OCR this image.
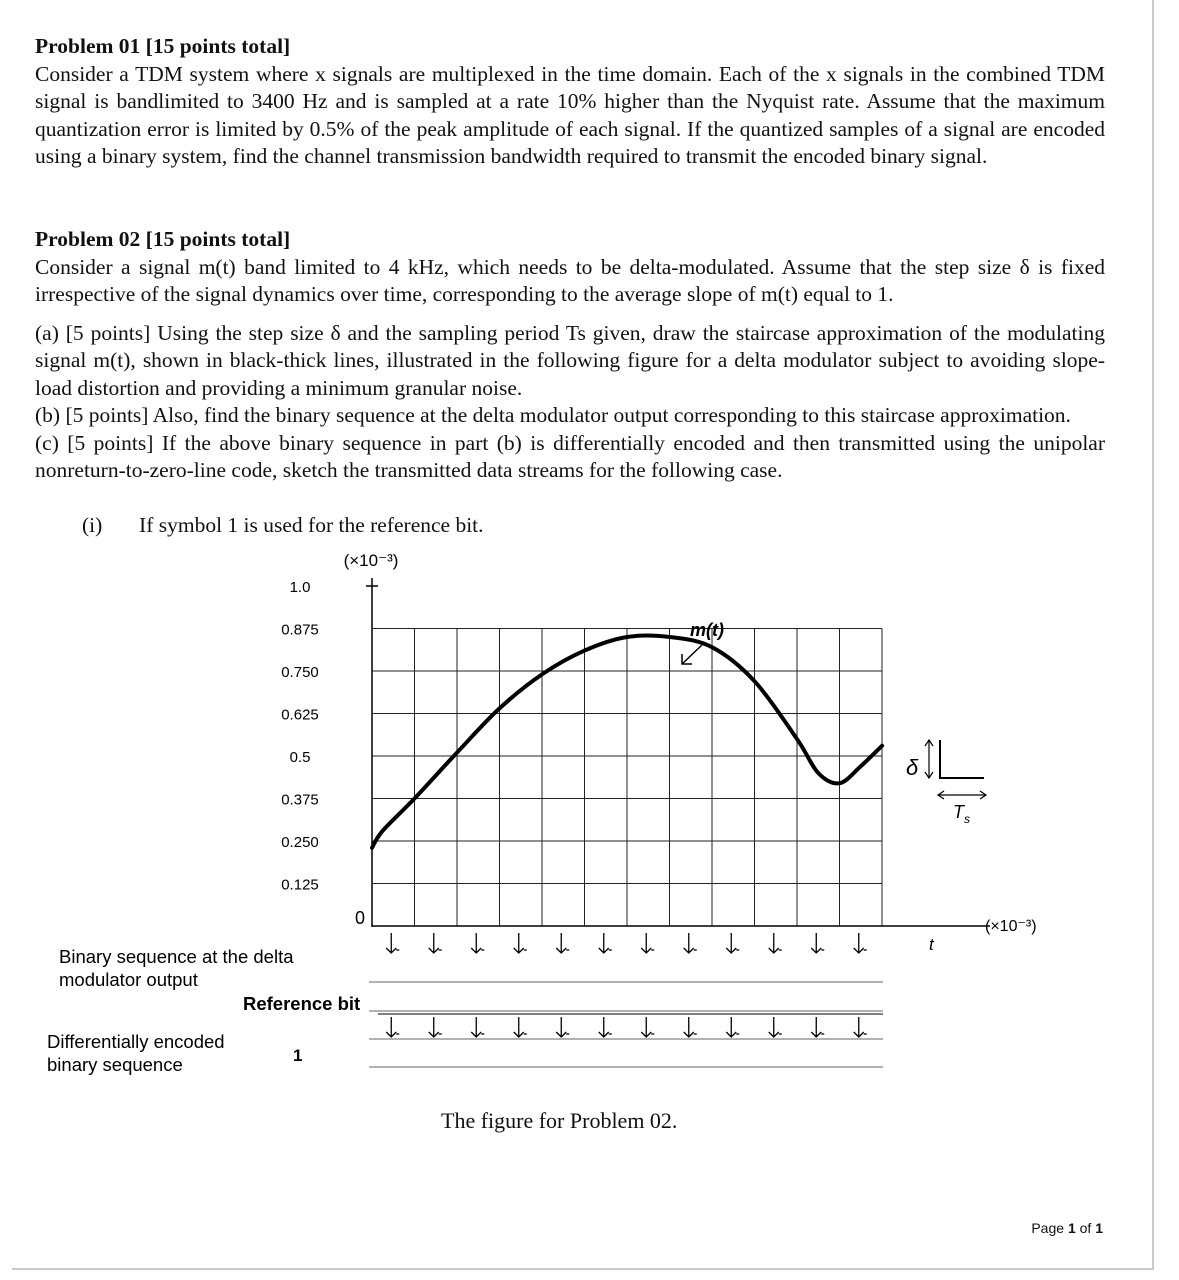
Problem 01 [15 points total]

Consider a TDM system where x signals are multiplexed in the time domain. Each of the x signals in the combined TDM signal is bandlimited to 3400 Hz and is sampled at a rate 10% higher than the Nyquist rate. Assume that the maximum quantization error is limited by 0.5% of the peak amplitude of each signal. If the quantized samples of a signal are encoded using a binary system, find the channel transmission bandwidth required to transmit the encoded binary signal.

Problem 02 [15 points total]

Consider a signal m(t) band limited to 4 kHz, which needs to be delta-modulated. Assume that the step size δ is fixed irrespective of the signal dynamics over time, corresponding to the average slope of m(t) equal to 1.

(a) [5 points] Using the step size δ and the sampling period Ts given, draw the staircase approximation of the modulating signal m(t), shown in black-thick lines, illustrated in the following figure for a delta modulator subject to avoiding slope-load distortion and providing a minimum granular noise.

(b) [5 points] Also, find the binary sequence at the delta modulator output corresponding to this staircase approximation.

(c) [5 points] If the above binary sequence in part (b) is differentially encoded and then transmitted using the unipolar nonreturn-to-zero-line code, sketch the transmitted data streams for the following case.

(i) If symbol 1 is used for the reference bit.
(×10⁻³)
1.0
0.875
0.750
0.625
0.5
0.375
0.250
0.125
0	(×10⁻³)
t
m(t)
δ
$T_s$
Binary sequence at the delta
modulator output
Reference bit
Differentially encoded
binary sequence	1
The figure for Problem 02.
Page 1 of 1
